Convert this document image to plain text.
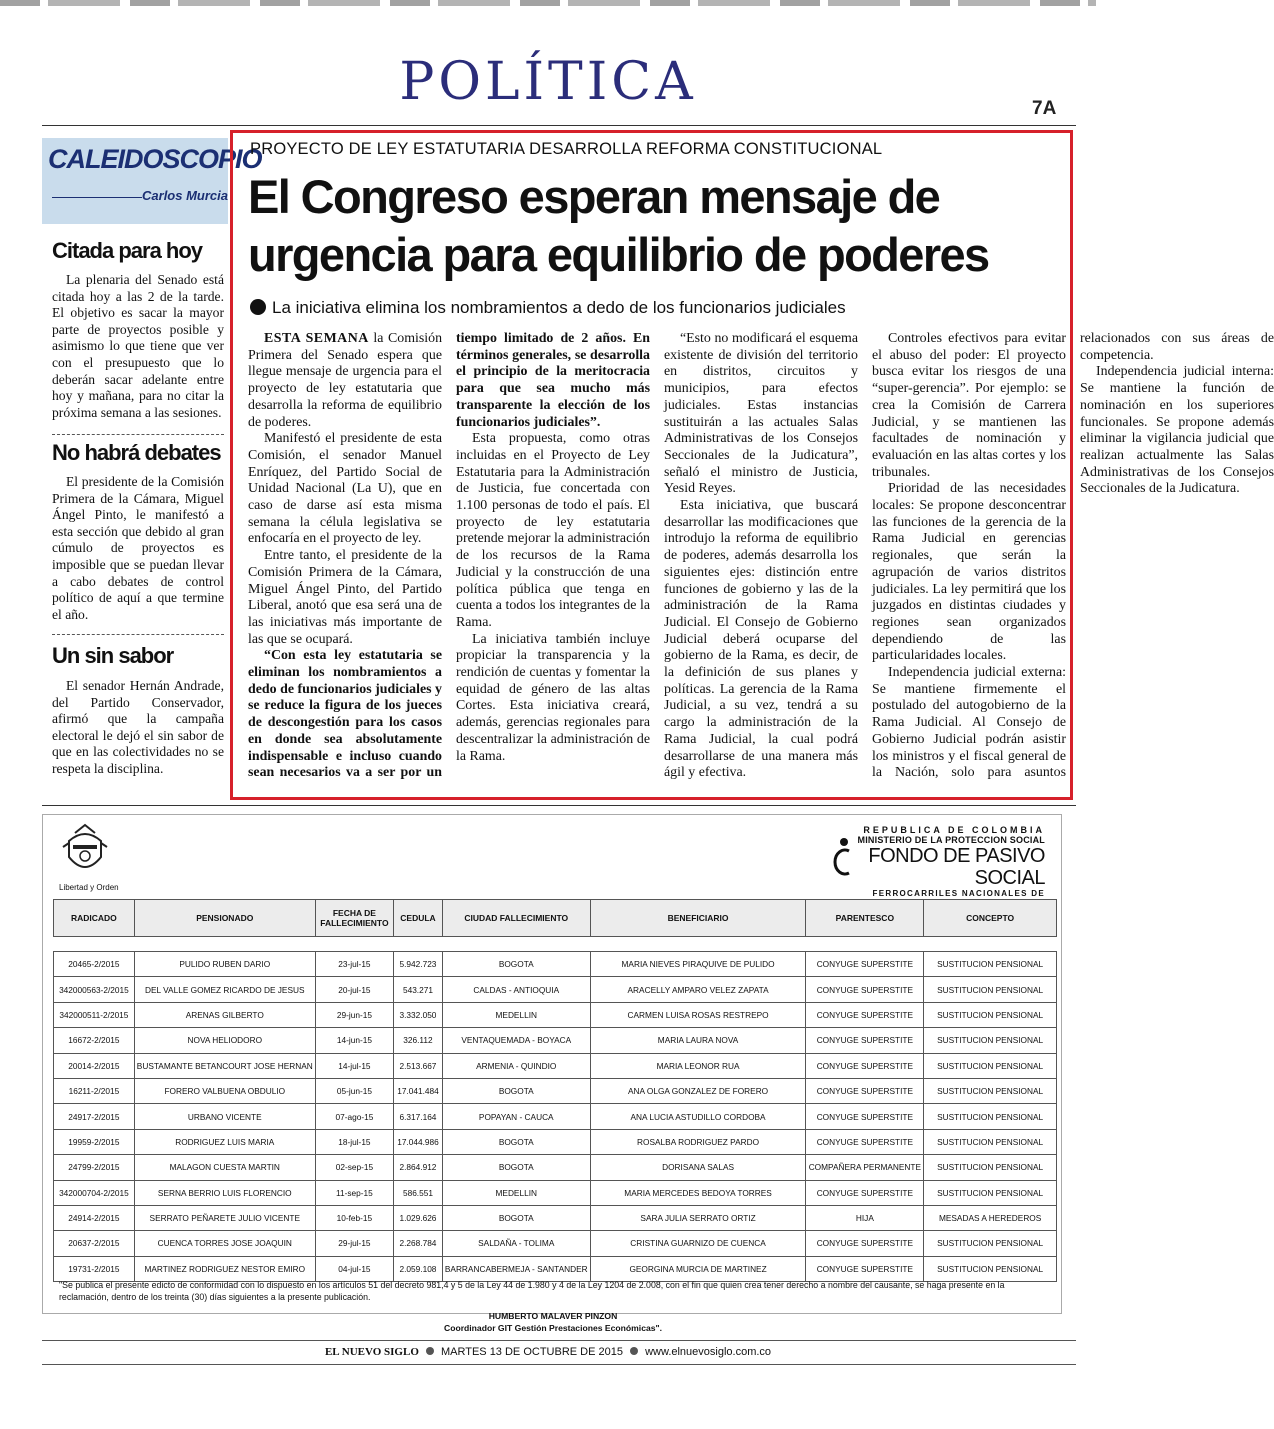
POLÍTICA	7A
CALEIDOSCOPIO
Carlos Murcia
Citada para hoy
La plenaria del Senado está citada hoy a las 2 de la tarde. El objetivo es sacar la mayor parte de proyectos posible y asimismo lo que tiene que ver con el presupuesto que lo deberán sacar adelante entre hoy y mañana, para no citar la próxima semana a las sesiones.
No habrá debates
El presidente de la Comisión Primera de la Cámara, Miguel Ángel Pinto, le manifestó a esta sección que debido al gran cúmulo de proyectos es imposible que se puedan llevar a cabo debates de control político de aquí a que termine el año.
Un sin sabor
El senador Hernán Andrade, del Partido Conservador, afirmó que la campaña electoral le dejó el sin sabor de que en las colectividades no se respeta la disciplina.
PROYECTO DE LEY ESTATUTARIA DESARROLLA REFORMA CONSTITUCIONAL
El Congreso esperan mensaje de urgencia para equilibrio de poderes
La iniciativa elimina los nombramientos a dedo de los funcionarios judiciales

ESTA SEMANA la Comisión Primera del Senado espera que llegue mensaje de urgencia para el proyecto de ley estatutaria que desarrolla la reforma de equilibrio de poderes.

Manifestó el presidente de esta Comisión, el senador Manuel Enríquez, del Partido Social de Unidad Nacional (La U), que en caso de darse así esta misma semana la célula legislativa se enfocaría en el proyecto de ley.

Entre tanto, el presidente de la Comisión Primera de la Cámara, Miguel Ángel Pinto, del Partido Liberal, anotó que esa será una de las iniciativas más importante de las que se ocupará.

“Con esta ley estatutaria se eliminan los nombramientos a dedo de funcionarios judiciales y se reduce la figura de los jueces de descongestión para los casos en donde sea absolutamente indispensable e incluso cuando sean necesarios va a ser por un tiempo limitado de 2 años. En términos generales, se desarrolla el principio de la meritocracia para que sea mucho más transparente la elección de los funcionarios judiciales”.

Esta propuesta, como otras incluidas en el Proyecto de Ley Estatutaria para la Administración de Justicia, fue concertada con 1.100 personas de todo el país. El proyecto de ley estatutaria pretende mejorar la administración de los recursos de la Rama Judicial y la construcción de una política pública que tenga en cuenta a todos los integrantes de la Rama.

La iniciativa también incluye propiciar la transparencia y la rendición de cuentas y fomentar la equidad de género de las altas Cortes. Esta iniciativa creará, además, gerencias regionales para descentralizar la administración de la Rama.

“Esto no modificará el esquema existente de división del territorio en distritos, circuitos y municipios, para efectos judiciales. Estas instancias sustituirán a las actuales Salas Administrativas de los Consejos Seccionales de la Judicatura”, señaló el ministro de Justicia, Yesid Reyes.

Esta iniciativa, que buscará desarrollar las modificaciones que introdujo la reforma de equilibrio de poderes, además desarrolla los siguientes ejes: distinción entre funciones de gobierno y las de la administración de la Rama Judicial. El Consejo de Gobierno Judicial deberá ocuparse del gobierno de la Rama, es decir, de la definición de sus planes y políticas. La gerencia de la Rama Judicial, a su vez, tendrá a su cargo la administración de la Rama Judicial, la cual podrá desarrollarse de una manera más ágil y efectiva.

Controles efectivos para evitar el abuso del poder: El proyecto busca evitar los riesgos de una “super-gerencia”. Por ejemplo: se crea la Comisión de Carrera Judicial, y se mantienen las facultades de nominación y evaluación en las altas cortes y los tribunales.

Prioridad de las necesidades locales: Se propone desconcentrar las funciones de la gerencia de la Rama Judicial en gerencias regionales, que serán la agrupación de varios distritos judiciales. La ley permitirá que los juzgados en distintas ciudades y regiones sean organizados dependiendo de las particularidades locales.

Independencia judicial externa: Se mantiene firmemente el postulado del autogobierno de la Rama Judicial. Al Consejo de Gobierno Judicial podrán asistir los ministros y el fiscal general de la Nación, solo para asuntos relacionados con sus áreas de competencia.

Independencia judicial interna: Se mantiene la función de nominación en los superiores funcionales. Se propone además eliminar la vigilancia judicial que realizan actualmente las Salas Administrativas de los Consejos Seccionales de la Judicatura.

Libertad y Orden
REPUBLICA DE COLOMBIA
MINISTERIO DE LA PROTECCION SOCIAL
FONDO DE PASIVO SOCIAL
FERROCARRILES NACIONALES DE
RADICADO	PENSIONADO	FECHA DE FALLECIMIENTO	CEDULA	CIUDAD FALLECIMIENTO	BENEFICIARIO	PARENTESCO	CONCEPTO

20465-2/2015	PULIDO RUBEN DARIO	23-jul-15	5.942.723	BOGOTA	MARIA NIEVES PIRAQUIVE DE PULIDO	CONYUGE SUPERSTITE	SUSTITUCION PENSIONAL
342000563-2/2015	DEL VALLE GOMEZ RICARDO DE JESUS	20-jul-15	543.271	CALDAS - ANTIOQUIA	ARACELLY AMPARO VELEZ ZAPATA	CONYUGE SUPERSTITE	SUSTITUCION PENSIONAL
342000511-2/2015	ARENAS GILBERTO	29-jun-15	3.332.050	MEDELLIN	CARMEN LUISA ROSAS RESTREPO	CONYUGE SUPERSTITE	SUSTITUCION PENSIONAL
16672-2/2015	NOVA HELIODORO	14-jun-15	326.112	VENTAQUEMADA - BOYACA	MARIA LAURA NOVA	CONYUGE SUPERSTITE	SUSTITUCION PENSIONAL
20014-2/2015	BUSTAMANTE BETANCOURT JOSE HERNAN	14-jul-15	2.513.667	ARMENIA - QUINDIO	MARIA LEONOR RUA	CONYUGE SUPERSTITE	SUSTITUCION PENSIONAL
16211-2/2015	FORERO VALBUENA OBDULIO	05-jun-15	17.041.484	BOGOTA	ANA OLGA GONZALEZ DE FORERO	CONYUGE SUPERSTITE	SUSTITUCION PENSIONAL
24917-2/2015	URBANO VICENTE	07-ago-15	6.317.164	POPAYAN - CAUCA	ANA LUCIA ASTUDILLO CORDOBA	CONYUGE SUPERSTITE	SUSTITUCION PENSIONAL
19959-2/2015	RODRIGUEZ LUIS MARIA	18-jul-15	17.044.986	BOGOTA	ROSALBA RODRIGUEZ PARDO	CONYUGE SUPERSTITE	SUSTITUCION PENSIONAL
24799-2/2015	MALAGON CUESTA MARTIN	02-sep-15	2.864.912	BOGOTA	DORISANA SALAS	COMPAÑERA PERMANENTE	SUSTITUCION PENSIONAL
342000704-2/2015	SERNA BERRIO LUIS FLORENCIO	11-sep-15	586.551	MEDELLIN	MARIA MERCEDES BEDOYA TORRES	CONYUGE SUPERSTITE	SUSTITUCION PENSIONAL
24914-2/2015	SERRATO PEÑARETE JULIO VICENTE	10-feb-15	1.029.626	BOGOTA	SARA JULIA SERRATO ORTIZ	HIJA	MESADAS A HEREDEROS
20637-2/2015	CUENCA TORRES JOSE JOAQUIN	29-jul-15	2.268.784	SALDAÑA - TOLIMA	CRISTINA GUARNIZO DE CUENCA	CONYUGE SUPERSTITE	SUSTITUCION PENSIONAL
19731-2/2015	MARTINEZ RODRIGUEZ NESTOR EMIRO	04-jul-15	2.059.108	BARRANCABERMEJA - SANTANDER	GEORGINA MURCIA DE MARTINEZ	CONYUGE SUPERSTITE	SUSTITUCION PENSIONAL
"Se publica el presente edicto de conformidad con lo dispuesto en los artículos 51 del decreto 981,4 y 5 de la Ley 44 de 1.980 y 4 de la Ley 1204 de 2.008, con el fin que quien crea tener derecho a nombre del causante, se haga presente en la reclamación, dentro de los treinta (30) días siguientes a la presente publicación.
HUMBERTO MALAVER PINZON
Coordinador GIT Gestión Prestaciones Económicas".
EL NUEVO SIGLO MARTES 13 DE OCTUBRE DE 2015 www.elnuevosiglo.com.co
